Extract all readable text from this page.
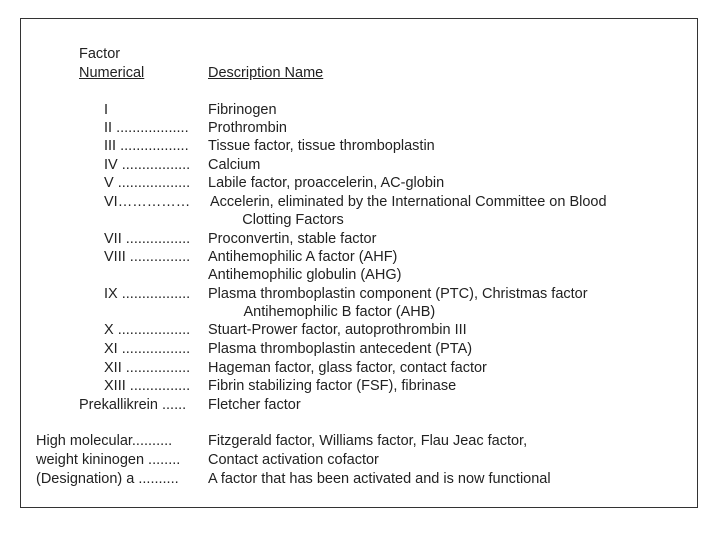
Factor
Numerical	Description Name
I	Fibrinogen
II .................. Prothrombin
III ................. Tissue factor, tissue thromboplastin
IV ................. Calcium
V .................. Labile factor, proaccelerin, AC-globin
VI…………… Accelerin, eliminated by the International Committee on Blood
Clotting Factors
VII ................ Proconvertin, stable factor
VIII ............... Antihemophilic A factor (AHF)
Antihemophilic globulin (AHG)
IX ................. Plasma thromboplastin component (PTC), Christmas factor
Antihemophilic B factor (AHB)
X .................. Stuart-Prower factor, autoprothrombin III
XI ................. Plasma thromboplastin antecedent (PTA)
XII ................ Hageman factor, glass factor, contact factor
XIII ............... Fibrin stabilizing factor (FSF), fibrinase
Prekallikrein ...... Fletcher factor
High molecular.......... Fitzgerald factor, Williams factor, Flau Jeac factor,
weight kininogen ........ Contact activation cofactor
(Designation) a .......... A factor that has been activated and is now functional
